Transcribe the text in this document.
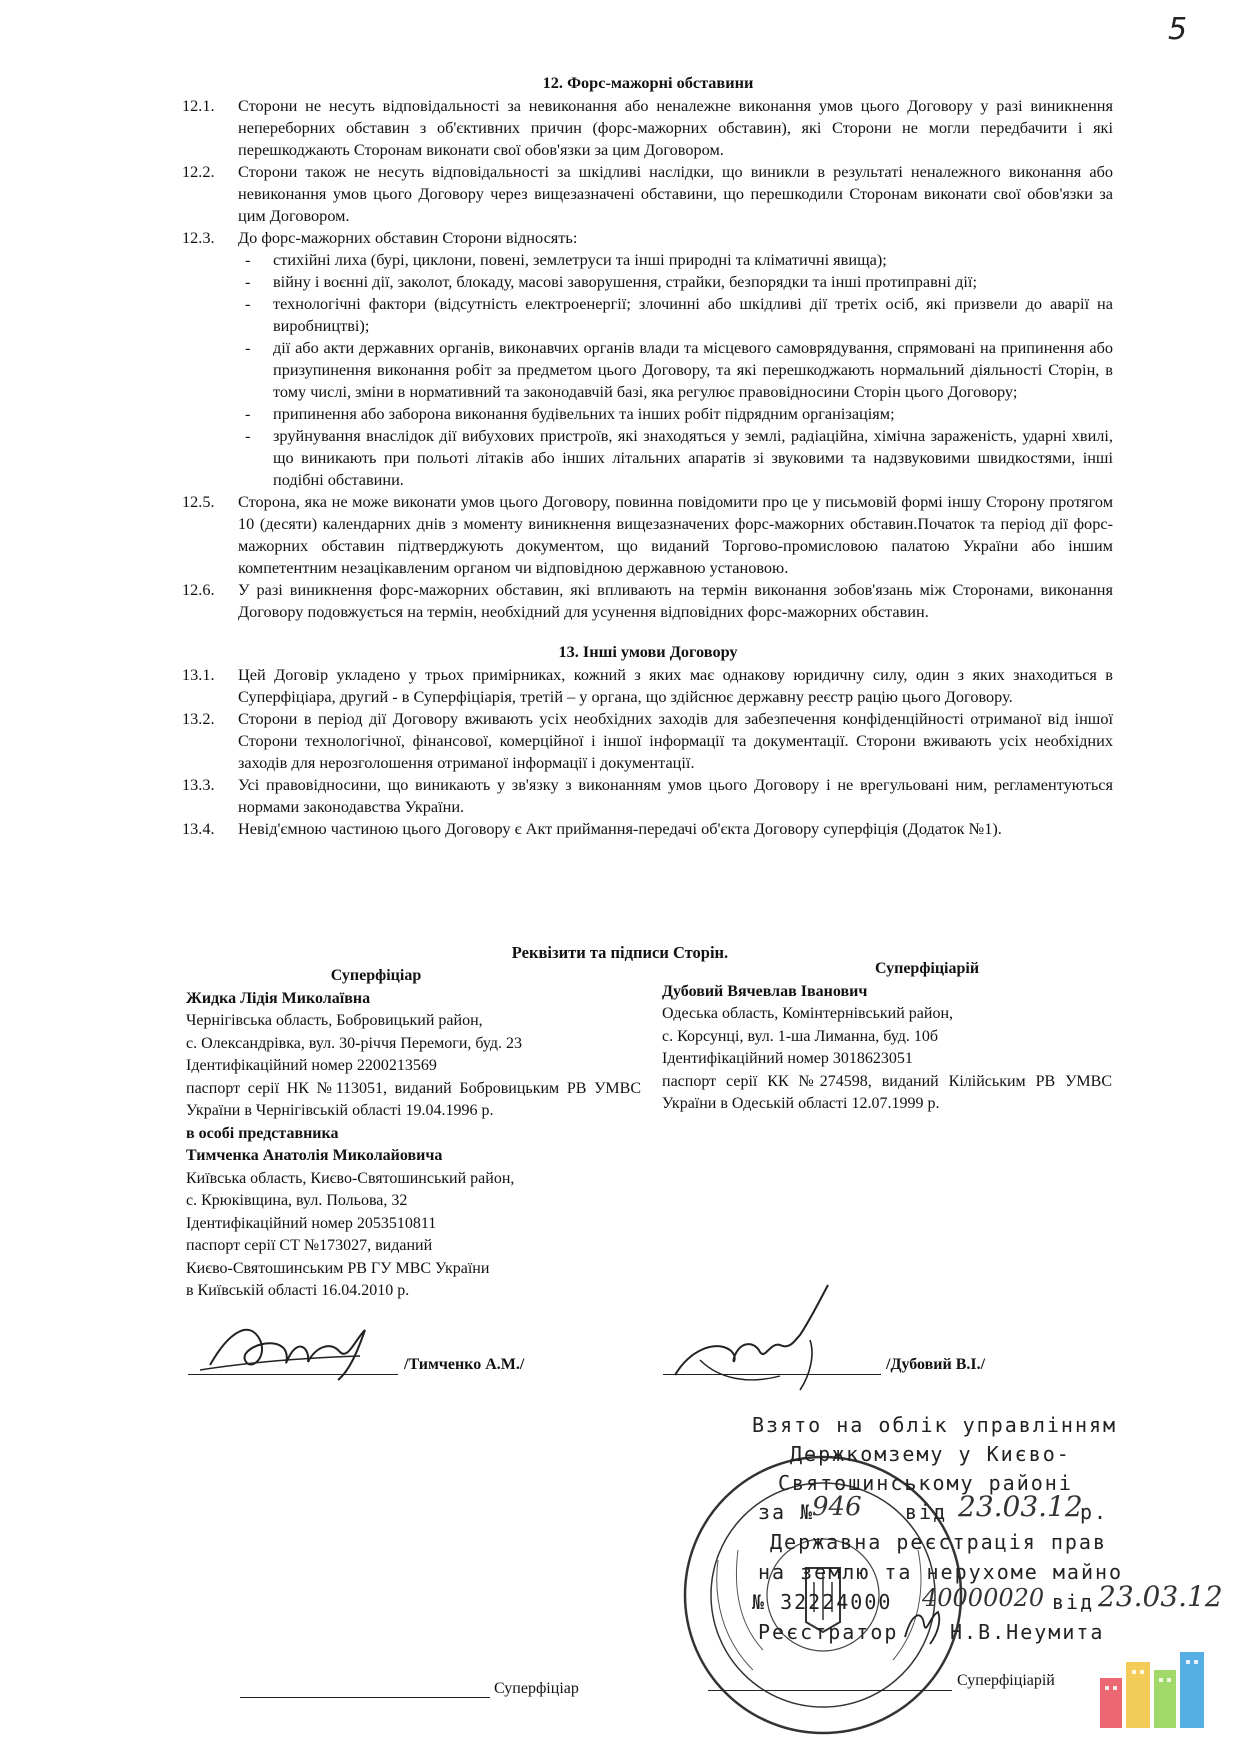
5
12. Форс-мажорні обставини
12.1.	Сторони не несуть відповідальності за невиконання або неналежне виконання умов цього Договору у разі виникнення непереборних обставин з об'єктивних причин (форс-мажорних обставин), які Сторони не могли передбачити і які перешкоджають Сторонам виконати свої обов'язки за цим Договором.
12.2.	Сторони також не несуть відповідальності за шкідливі наслідки, що виникли в результаті неналежного виконання або невиконання умов цього Договору через вищезазначені обставини, що перешкодили Сторонам виконати свої обов'язки за цим Договором.
12.3.	До форс-мажорних обставин Сторони відносять:
-	стихійні лиха (бурі, циклони, повені, землетруси та інші природні та кліматичні явища);
-	війну і воєнні дії, заколот, блокаду, масові заворушення, страйки, безпорядки та інші протиправні дії;
-	технологічні фактори (відсутність електроенергії; злочинні або шкідливі дії третіх осіб, які призвели до аварії на виробництві);
-	дії або акти державних органів, виконавчих органів влади та місцевого самоврядування, спрямовані на припинення або призупинення виконання робіт за предметом цього Договору, та які перешкоджають нормальний діяльності Сторін, в тому числі, зміни в нормативний та законодавчій базі, яка регулює правовідносини Сторін цього Договору;
-	припинення або заборона виконання будівельних та інших робіт підрядним організаціям;
-	зруйнування внаслідок дії вибухових пристроїв, які знаходяться у землі, радіаційна, хімічна зараженість, ударні хвилі, що виникають при польоті літаків або інших літальних апаратів зі звуковими та надзвуковими швидкостями, інші подібні обставини.
12.5.	Сторона, яка не може виконати умов цього Договору, повинна повідомити про це у письмовій формі іншу Сторону протягом 10 (десяти) календарних днів з моменту виникнення вищезазначених форс-мажорних обставин.Початок та період дії форс-мажорних обставин підтверджують документом, що виданий Торгово-промисловою палатою України або іншим компетентним незацікавленим органом чи відповідною державною установою.
12.6.	У разі виникнення форс-мажорних обставин, які впливають на термін виконання зобов'язань між Сторонами, виконання Договору подовжується на термін, необхідний для усунення відповідних форс-мажорних обставин.
13. Інші умови Договору
13.1.	Цей Договір укладено у трьох примірниках, кожний з яких має однакову юридичну силу, один з яких знаходиться в Суперфіціара, другий - в Суперфіціарія, третій – у органа, що здійснює державну реєстр рацію цього Договору.
13.2.	Сторони в період дії Договору вживають усіх необхідних заходів для забезпечення конфіденційності отриманої від іншої Сторони технологічної, фінансової, комерційної і іншої інформації та документації. Сторони вживають усіх необхідних заходів для нерозголошення отриманої інформації і документації.
13.3.	Усі правовідносини, що виникають у зв'язку з виконанням умов цього Договору і не врегульовані ним, регламентуються нормами законодавства України.
13.4.	Невід'ємною частиною цього Договору є Акт приймання-передачі об'єкта Договору суперфіція (Додаток №1).
Реквізити та підписи Сторін.
Суперфіціар
Жидка Лідія Миколаївна
Чернігівська область, Бобровицький район,
с. Олександрівка, вул. 30-річчя Перемоги, буд. 23
Ідентифікаційний номер 2200213569
паспорт серії НК №113051, виданий Бобровицьким РВ УМВС України в Чернігівській області 19.04.1996 р.
в особі представника
Тимченка Анатолія Миколайовича
Київська область, Києво-Святошинський район,
с. Крюківщина, вул. Польова, 32
Ідентифікаційний номер 2053510811
паспорт серії СТ №173027, виданий
Києво-Святошинським РВ ГУ МВС України
в Київській області 16.04.2010 р.
Суперфіціарій
Дубовий Вячевлав Іванович
Одеська область, Комінтернівський район,
с. Корсунці, вул. 1-ша Лиманна, буд. 10б
Ідентифікаційний номер 3018623051
паспорт серії КК №274598, виданий Кілійським РВ УМВС України в Одеській області 12.07.1999 р.
/Тимченко А.М./	/Дубовий В.І./
Взято на облік управлінням
Держкомзему у Києво-
Святошинському районі
за №
946 від 23.03.12
р.
Державна реєстрація прав
на землю та нерухоме майно
№ 32224000 40000020 від 23.03.12
Реєстратор	Н.В.Неумита
Суперфіціар	Суперфіціарій
